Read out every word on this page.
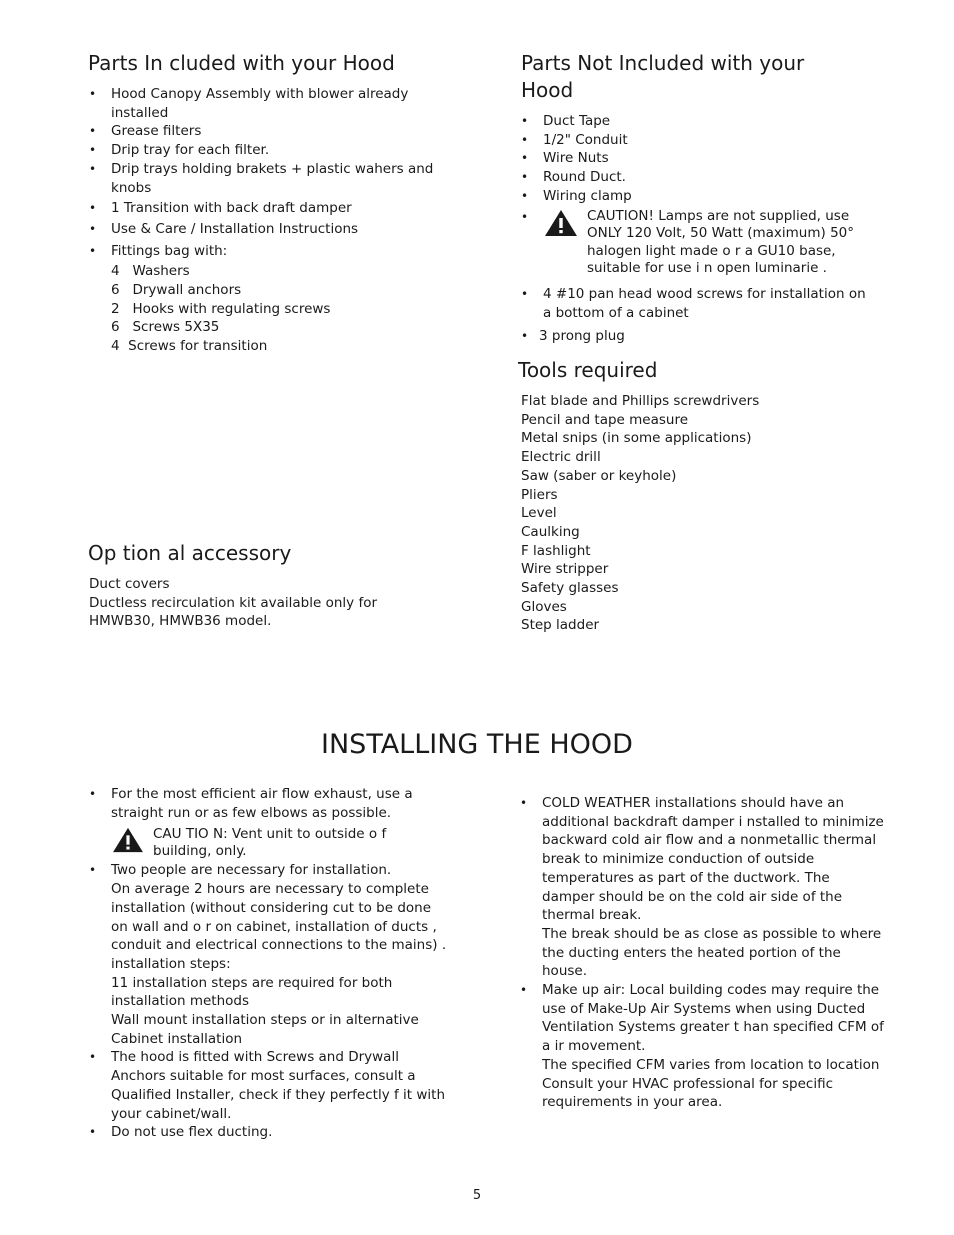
Parts In cluded with your Hood
• Hood Canopy Assembly with blower already installed
• Grease filters
• Drip tray for each filter.
• Drip trays holding brakets + plastic wahers and knobs
• 1 Transition with back draft damper
• Use & Care / Installation Instructions
• Fittings bag with:
4   Washers
6   Drywall anchors
2   Hooks with regulating screws
6   Screws 5X35
4  Screws for transition
Op tion al accessory
Duct covers
Ductless recirculation kit available only for HMWB30, HMWB36 model.
Parts Not Included with your Hood
• Duct Tape
• 1/2" Conduit
• Wire Nuts
• Round Duct.
• Wiring clamp
• CAUTION! Lamps are not supplied, use ONLY 120 Volt, 50 Watt (maximum) 50° halogen light made o r a GU10 base, suitable for use i n open luminarie .
• 4 #10 pan head wood screws for installation on a bottom of a cabinet
• 3 prong plug
Tools required
Flat blade and Phillips screwdrivers
Pencil and tape measure
Metal snips (in some applications)
Electric drill
Saw (saber or keyhole)
Pliers
Level
Caulking
F lashlight
Wire stripper
Safety glasses
Gloves
Step ladder
INSTALLING THE HOOD
• For the most efficient air flow exhaust, use a straight run or as few elbows as possible.
CAU TIO N: Vent unit to outside o f building, only.
• Two people are necessary for installation.
On average 2 hours are necessary to complete installation (without considering cut to be done on wall and o r on cabinet, installation of ducts , conduit and electrical connections to the mains) .
installation steps:
11 installation steps are required for both installation methods
Wall mount installation steps or in alternative Cabinet installation
• The hood is fitted with Screws and Drywall Anchors suitable for most surfaces, consult a Qualified Installer, check if they perfectly f it with your cabinet/wall.
• Do not use flex ducting.
• COLD WEATHER installations should have an additional backdraft damper i nstalled to minimize backward cold air flow and a nonmetallic thermal break to minimize conduction of outside temperatures as part of the ductwork. The damper should be on the cold air side of the thermal break.
The break should be as close as possible to where the ducting enters the heated portion of the house.
• Make up air: Local building codes may require the use of Make-Up Air Systems when using Ducted Ventilation Systems greater t han specified CFM of a ir movement.
The specified CFM varies from location to location Consult your HVAC professional for specific requirements in your area.
5
